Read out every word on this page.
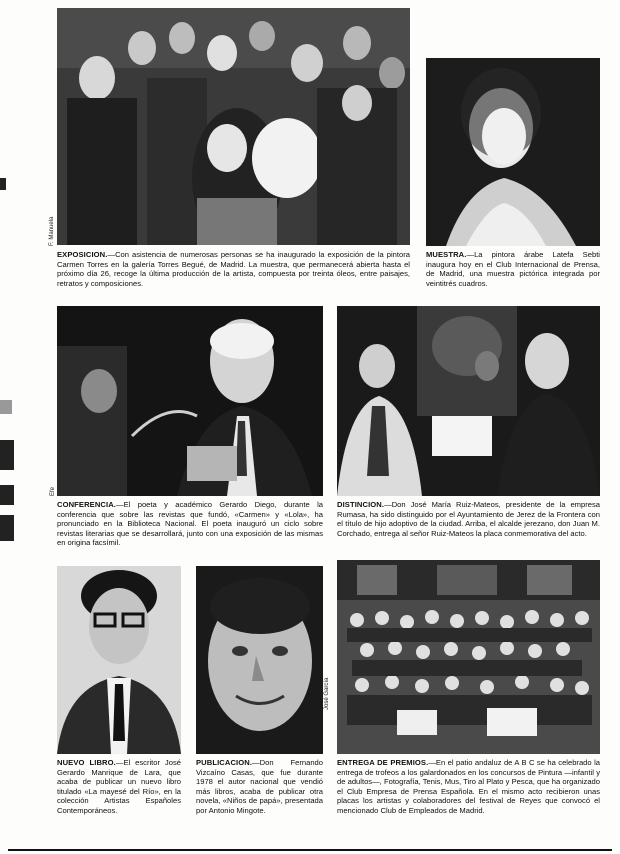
F. Manuela
EXPOSICION.—Con asistencia de numerosas personas se ha inaugurado la exposición de la pintora Carmen Torres en la galería Torres Begué, de Madrid. La muestra, que permanecerá abierta hasta el próximo día 26, recoge la última producción de la artista, compuesta por treinta óleos, entre paisajes, retratos y composiciones.
MUESTRA.—La pintora árabe Latefa Sebti inaugura hoy en el Club Internacional de Prensa, de Madrid, una muestra pictórica integrada por veintitrés cuadros.
Efe
CONFERENCIA.—El poeta y académico Gerardo Diego, durante la conferencia que sobre las revistas que fundó, «Carmen» y «Lola», ha pronunciado en la Biblioteca Nacional. El poeta inauguró un ciclo sobre revistas literarias que se desarrollará, junto con una exposición de las mismas en origina facsímil.
DISTINCION.—Don José María Ruiz-Mateos, presidente de la empresa Rumasa, ha sido distinguido por el Ayuntamiento de Jerez de la Frontera con el título de hijo adoptivo de la ciudad. Arriba, el alcalde jerezano, don Juan M. Corchado, entrega al señor Ruiz-Mateos la placa conmemorativa del acto.
José García
NUEVO LIBRO.—El escritor José Gerardo Manrique de Lara, que acaba de publicar un nuevo libro titulado «La mayesé del Río», en la colección Artistas Españoles Contemporáneos.
PUBLICACION.—Don Fernando Vizcaíno Casas, que fue durante 1978 el autor nacional que vendió más libros, acaba de publicar otra novela, «Niños de papá», presentada por Antonio Mingote.
ENTREGA DE PREMIOS.—En el patio andaluz de A B C se ha celebrado la entrega de trofeos a los galardonados en los concursos de Pintura —infantil y de adultos—, Fotografía, Tenis, Mus, Tiro al Plato y Pesca, que ha organizado el Club Empresa de Prensa Española. En el mismo acto recibieron unas placas los artistas y colaboradores del festival de Reyes que convocó el mencionado Club de Empleados de Madrid.
